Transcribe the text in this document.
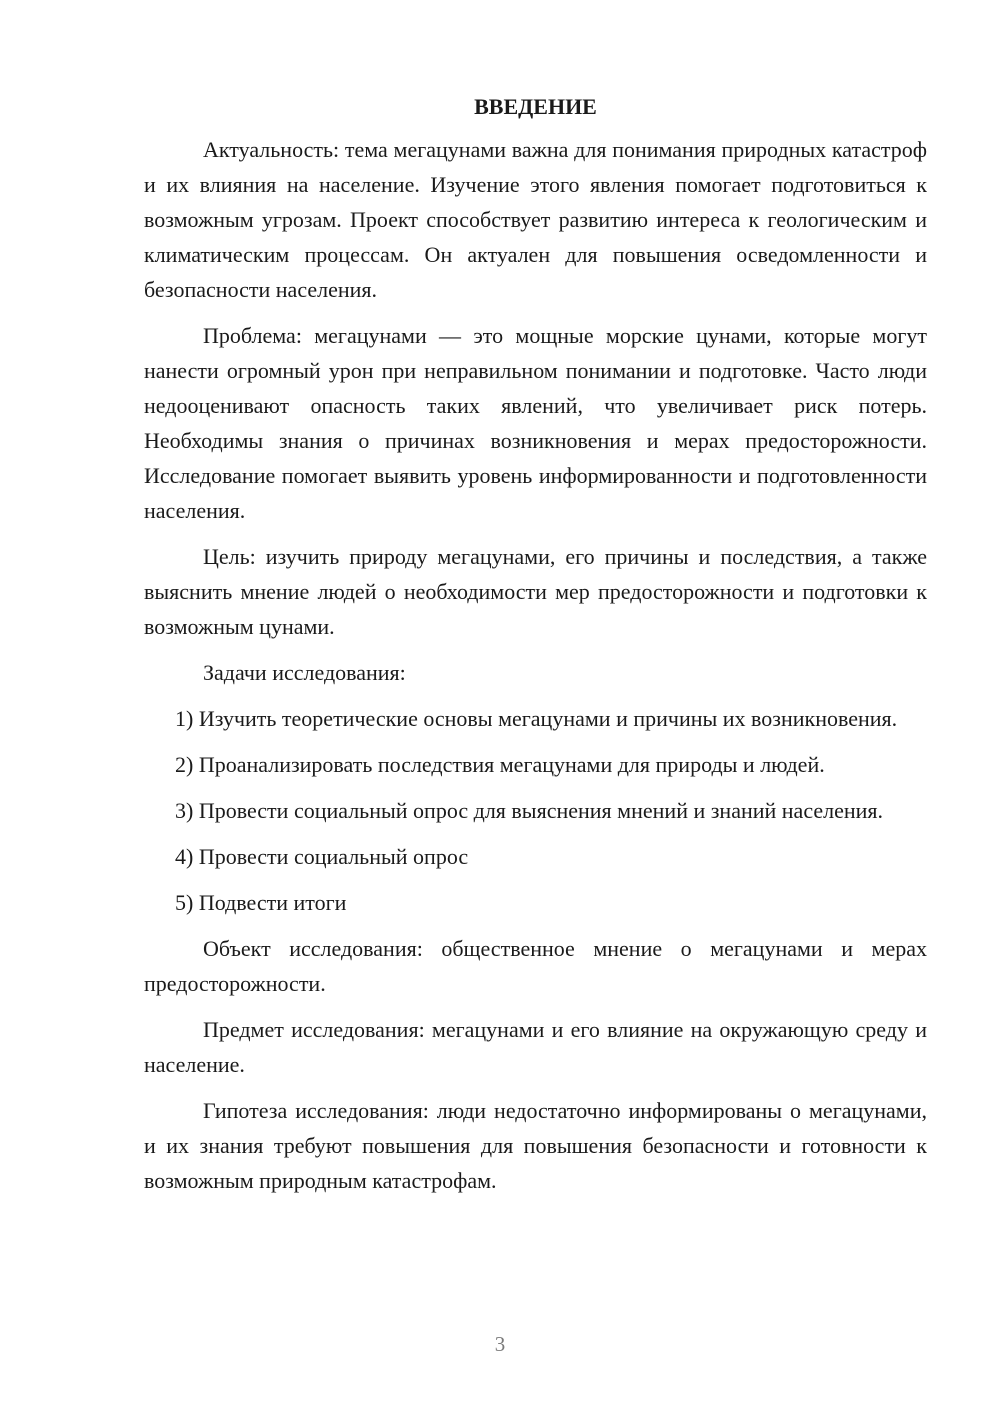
ВВЕДЕНИЕ

Актуальность: тема мегацунами важна для понимания природных катастроф и их влияния на население. Изучение этого явления помогает подготовиться к возможным угрозам. Проект способствует развитию интереса к геологическим и климатическим процессам. Он актуален для повышения осведомленности и безопасности населения.

Проблема: мегацунами — это мощные морские цунами, которые могут нанести огромный урон при неправильном понимании и подготовке. Часто люди недооценивают опасность таких явлений, что увеличивает риск потерь. Необходимы знания о причинах возникновения и мерах предосторожности. Исследование помогает выявить уровень информированности и подготовленности населения.

Цель: изучить природу мегацунами, его причины и последствия, а также выяснить мнение людей о необходимости мер предосторожности и подготовки к возможным цунами.

Задачи исследования:

1) Изучить теоретические основы мегацунами и причины их возникновения.

2) Проанализировать последствия мегацунами для природы и людей.

3) Провести социальный опрос для выяснения мнений и знаний населения.

4) Провести социальный опрос

5) Подвести итоги

Объект исследования: общественное мнение о мегацунами и мерах предосторожности.

Предмет исследования: мегацунами и его влияние на окружающую среду и население.

Гипотеза исследования: люди недостаточно информированы о мегацунами, и их знания требуют повышения для повышения безопасности и готовности к возможным природным катастрофам.

3
